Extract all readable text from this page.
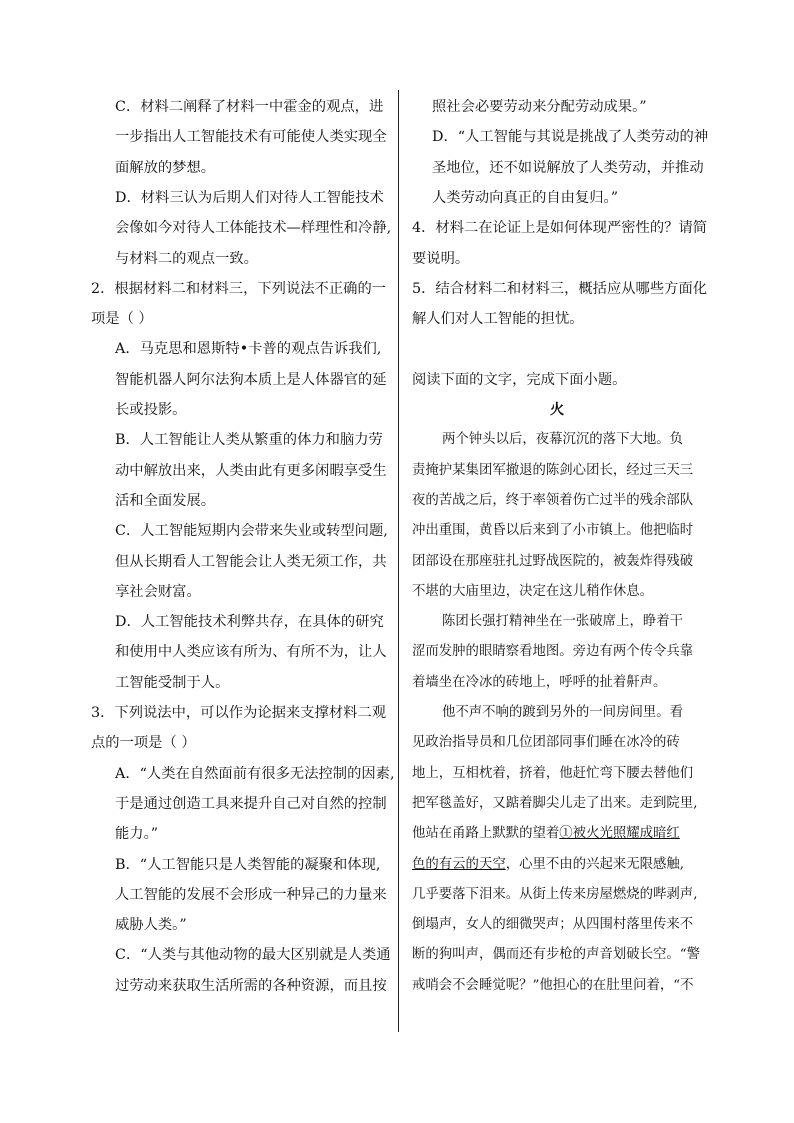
C．材料二阐释了材料一中霍金的观点，进
一步指出人工智能技术有可能使人类实现全
面解放的梦想。
D．材料三认为后期人们对待人工智能技术
会像如今对待人工体能技术—样理性和冷静,
与材料二的观点一致。
2．根据材料二和材料三，下列说法不正确的一
项是（ ）
A．马克思和恩斯特•卡普的观点告诉我们,
智能机器人阿尔法狗本质上是人体器官的延
长或投影。
B．人工智能让人类从繁重的体力和脑力劳
动中解放出来，人类由此有更多闲暇享受生
活和全面发展。
C．人工智能短期内会带来失业或转型问题,
但从长期看人工智能会让人类无须工作，共
享社会财富。
D．人工智能技术利弊共存，在具体的研究
和使用中人类应该有所为、有所不为，让人
工智能受制于人。
3．下列说法中，可以作为论据来支撑材料二观
点的一项是（ ）
A．“人类在自然面前有很多无法控制的因素,
于是通过创造工具来提升自己对自然的控制
能力。”
B．“人工智能只是人类智能的凝聚和体现,
人工智能的发展不会形成一种异己的力量来
威胁人类。”
C．“人类与其他动物的最大区别就是人类通
过劳动来获取生活所需的各种资源，而且按
照社会必要劳动来分配劳动成果。”
D．“人工智能与其说是挑战了人类劳动的神
圣地位，还不如说解放了人类劳动，并推动
人类劳动向真正的自由复归。”
4．材料二在论证上是如何体现严密性的？请简
要说明。
5．结合材料二和材料三，概括应从哪些方面化
解人们对人工智能的担忧。
阅读下面的文字，完成下面小题。
火
两个钟头以后，夜幕沉沉的落下大地。负
责掩护某集团军撤退的陈剑心团长，经过三天三
夜的苦战之后，终于率领着伤亡过半的残余部队
冲出重围，黄昏以后来到了小市镇上。他把临时
团部设在那座驻扎过野战医院的，被轰炸得残破
不堪的大庙里边，决定在这儿稍作休息。
陈团长强打精神坐在一张破席上，睁着干
涩而发肿的眼睛察看地图。旁边有两个传令兵靠
着墙坐在冷冰的砖地上，呼呼的扯着鼾声。
他不声不响的踱到另外的一间房间里。看
见政治指导员和几位团部同事们睡在冰冷的砖
地上，互相枕着，挤着，他赶忙弯下腰去替他们
把军毯盖好，又踮着脚尖儿走了出来。走到院里,
他站在甬路上默默的望着①被火光照耀成暗红
色的有云的天空，心里不由的兴起来无限感触,
几乎要落下泪来。从街上传来房屋燃烧的哔剥声,
倒塌声，女人的细微哭声；从四围村落里传来不
断的狗叫声，偶而还有步枪的声音划破长空。“警
戒哨会不会睡觉呢？”他担心的在肚里问着，“不
